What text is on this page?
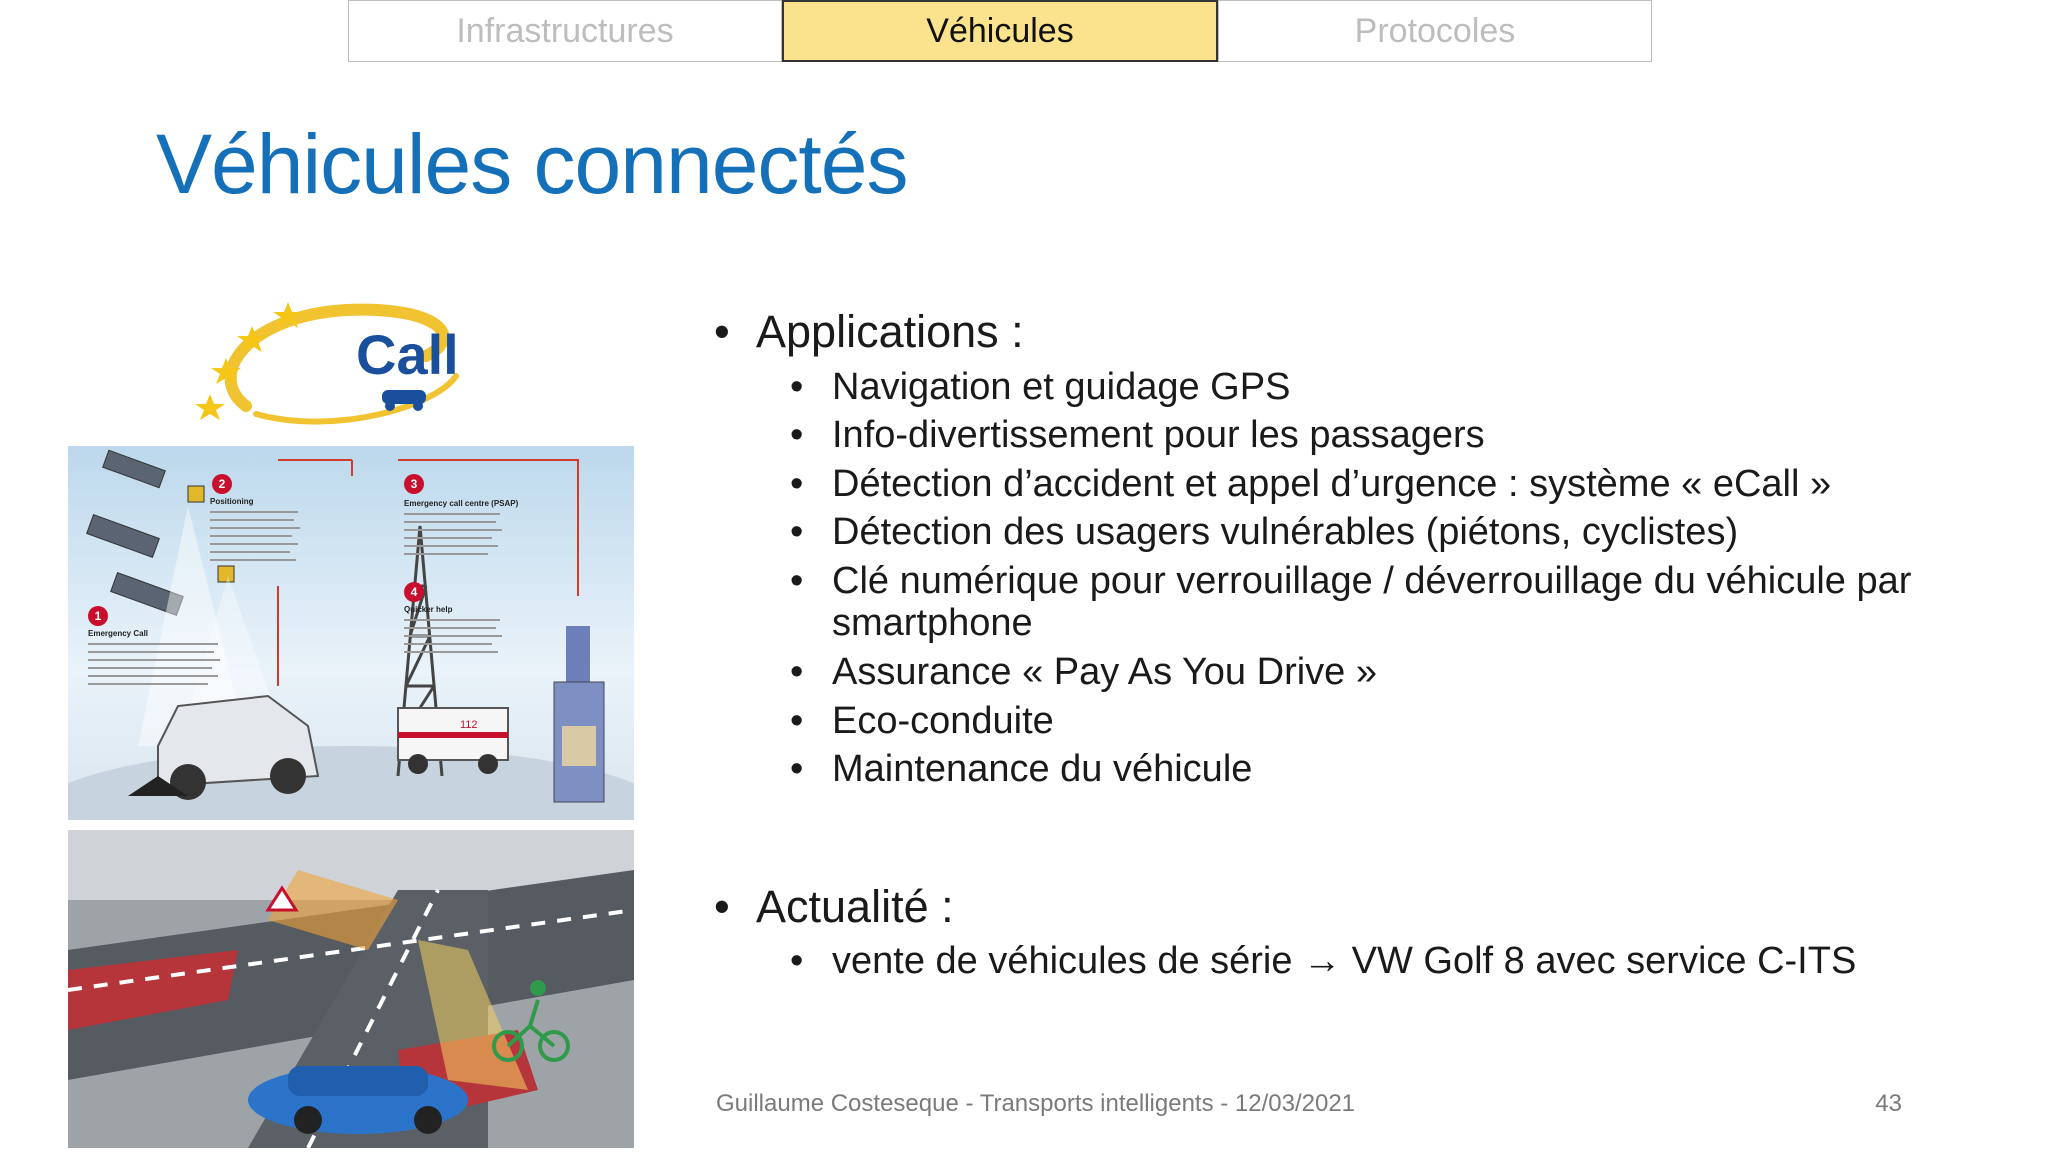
Infrastructures	Véhicules	Protocoles
Véhicules connectés
Call
2	3
4
1
Positioning	Emergency call centre (PSAP)
Quicker help
Emergency Call
112
• Applications :
• Navigation et guidage GPS
• Info-divertissement pour les passagers
• Détection d’accident et appel d’urgence : système « eCall »
• Détection des usagers vulnérables (piétons, cyclistes)
• Clé numérique pour verrouillage / déverrouillage du véhicule par smartphone
• Assurance « Pay As You Drive »
• Eco-conduite
• Maintenance du véhicule
• Actualité :
• vente de véhicules de série → VW Golf 8 avec service C-ITS
Guillaume Costeseque - Transports intelligents - 12/03/2021	43
